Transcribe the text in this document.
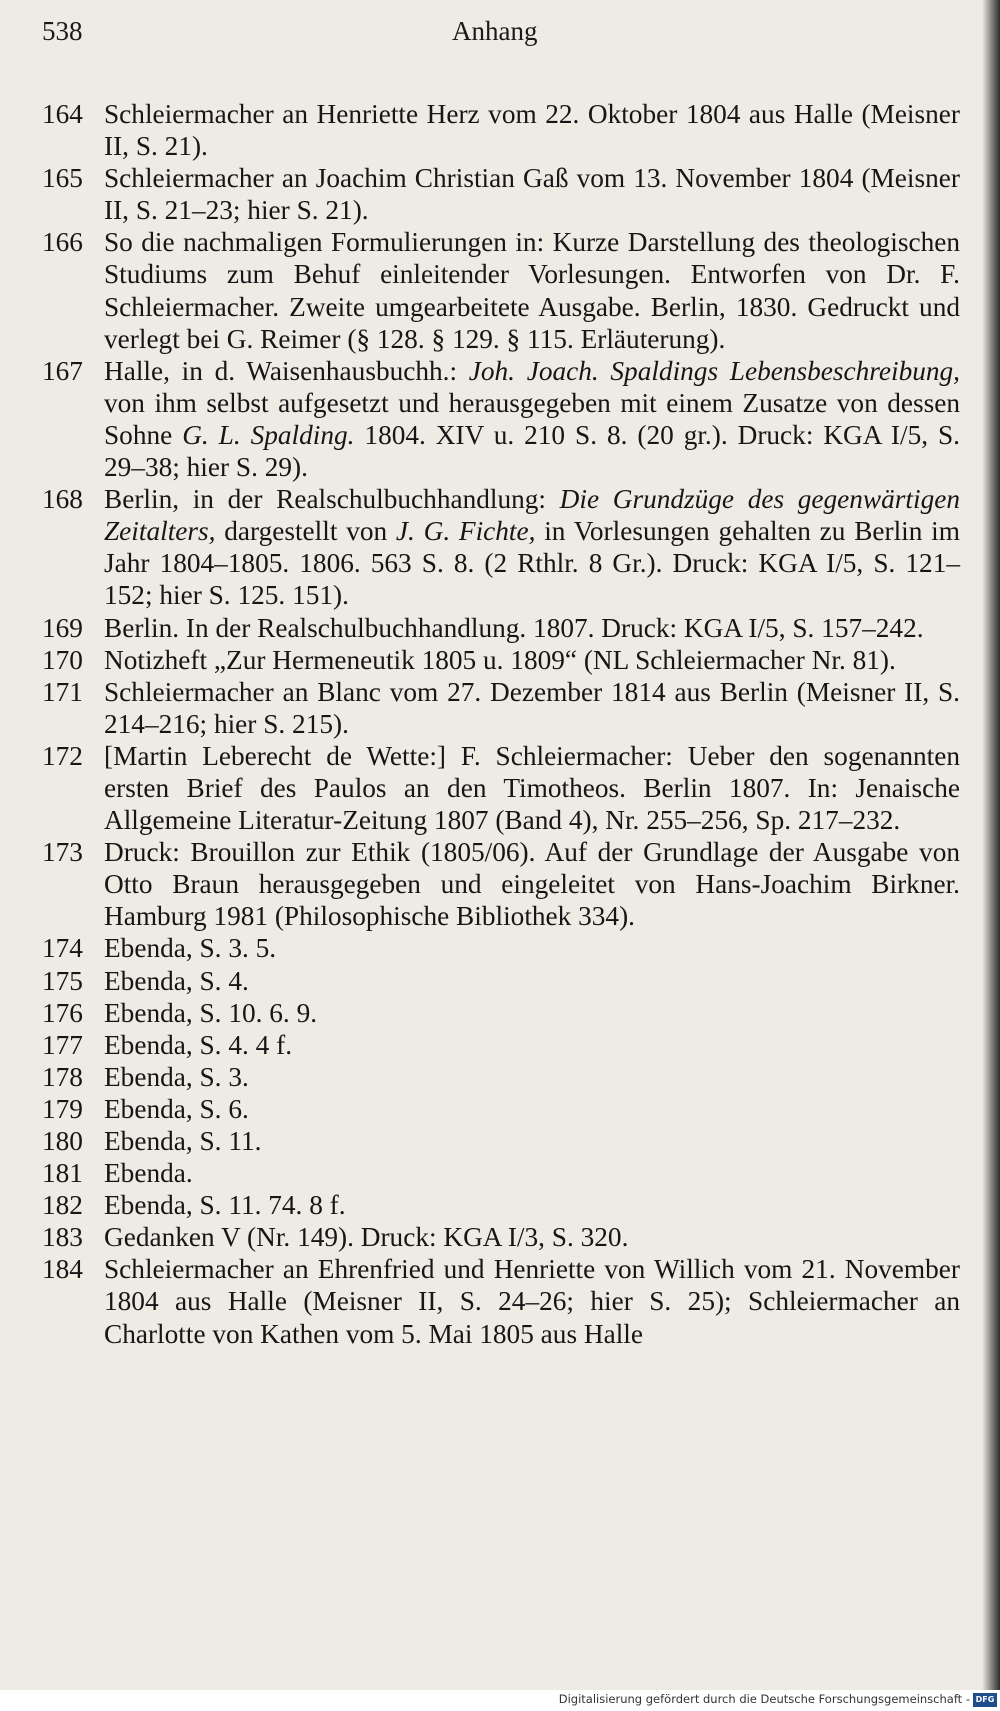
538	Anhang
164 Schleiermacher an Henriette Herz vom 22. Oktober 1804 aus Halle (Meisner II, S. 21).
165 Schleiermacher an Joachim Christian Gaß vom 13. November 1804 (Meisner II, S. 21–23; hier S. 21).
166 So die nachmaligen Formulierungen in: Kurze Darstellung des theologischen Studiums zum Behuf einleitender Vorlesungen. Entworfen von Dr. F. Schleiermacher. Zweite umgearbeitete Ausgabe. Berlin, 1830. Gedruckt und verlegt bei G. Reimer (§ 128. § 129. § 115. Erläuterung).
167 Halle, in d. Waisenhausbuchh.: Joh. Joach. Spaldings Lebensbeschreibung, von ihm selbst aufgesetzt und herausgegeben mit einem Zusatze von dessen Sohne G. L. Spalding. 1804. XIV u. 210 S. 8. (20 gr.). Druck: KGA I/5, S. 29–38; hier S. 29).
168 Berlin, in der Realschulbuchhandlung: Die Grundzüge des gegenwärtigen Zeitalters, dargestellt von J. G. Fichte, in Vorlesungen gehalten zu Berlin im Jahr 1804–1805. 1806. 563 S. 8. (2 Rthlr. 8 Gr.). Druck: KGA I/5, S. 121–152; hier S. 125. 151).
169 Berlin. In der Realschulbuchhandlung. 1807. Druck: KGA I/5, S. 157–242.
170 Notizheft „Zur Hermeneutik 1805 u. 1809“ (NL Schleiermacher Nr. 81).
171 Schleiermacher an Blanc vom 27. Dezember 1814 aus Berlin (Meisner II, S. 214–216; hier S. 215).
172 [Martin Leberecht de Wette:] F. Schleiermacher: Ueber den sogenannten ersten Brief des Paulos an den Timotheos. Berlin 1807. In: Jenaische Allgemeine Literatur-Zeitung 1807 (Band 4), Nr. 255–256, Sp. 217–232.
173 Druck: Brouillon zur Ethik (1805/06). Auf der Grundlage der Ausgabe von Otto Braun herausgegeben und eingeleitet von Hans-Joachim Birkner. Hamburg 1981 (Philosophische Bibliothek 334).
174 Ebenda, S. 3. 5.
175 Ebenda, S. 4.
176 Ebenda, S. 10. 6. 9.
177 Ebenda, S. 4. 4 f.
178 Ebenda, S. 3.
179 Ebenda, S. 6.
180 Ebenda, S. 11.
181 Ebenda.
182 Ebenda, S. 11. 74. 8 f.
183 Gedanken V (Nr. 149). Druck: KGA I/3, S. 320.
184 Schleiermacher an Ehrenfried und Henriette von Willich vom 21. November 1804 aus Halle (Meisner II, S. 24–26; hier S. 25); Schleiermacher an Charlotte von Kathen vom 5. Mai 1805 aus Halle
Digitalisierung gefördert durch die Deutsche Forschungsgemeinschaft - DFG
